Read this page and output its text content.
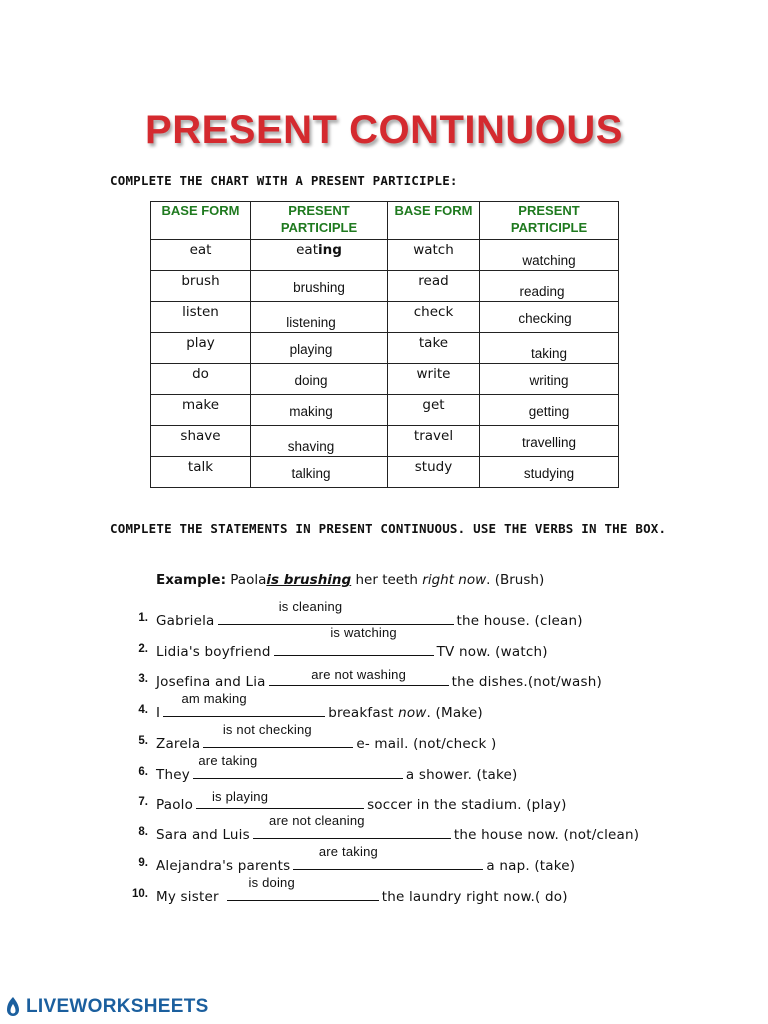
PRESENT CONTINUOUS

COMPLETE THE CHART WITH A PRESENT PARTICIPLE:

BASE FORM	PRESENT PARTICIPLE	BASE FORM	PRESENT PARTICIPLE

eat	eating	watch	watching

brush	brushing	read	reading

listen	listening	check	checking

play	playing	take	taking

do	doing	write	writing

make	making	get	getting

shave	shaving	travel	travelling

talk	talking	study	studying

COMPLETE THE STATEMENTS IN PRESENT CONTINUOUS. USE THE VERBS IN THE BOX.

Example: Paolais brushing her teeth right now. (Brush)
1. Gabriela
is cleaning
the house. (clean)
2. Lidia's boyfriend
is watching
TV now. (watch)
3. Josefina and Lia	are not washing	the dishes.(not/wash)
4. I
am making
breakfast now. (Make)
5. Zarela
is not checking
e- mail. (not/check )
6. They
are taking
a shower. (take)
7. Paolo
is playing
soccer in the stadium. (play)
8. Sara and Luis
are not cleaning
the house now. (not/clean)
9. Alejandra's parents
are taking
a nap. (take)
10. My sister
is doing
the laundry right now.( do)
LIVEWORKSHEETS
